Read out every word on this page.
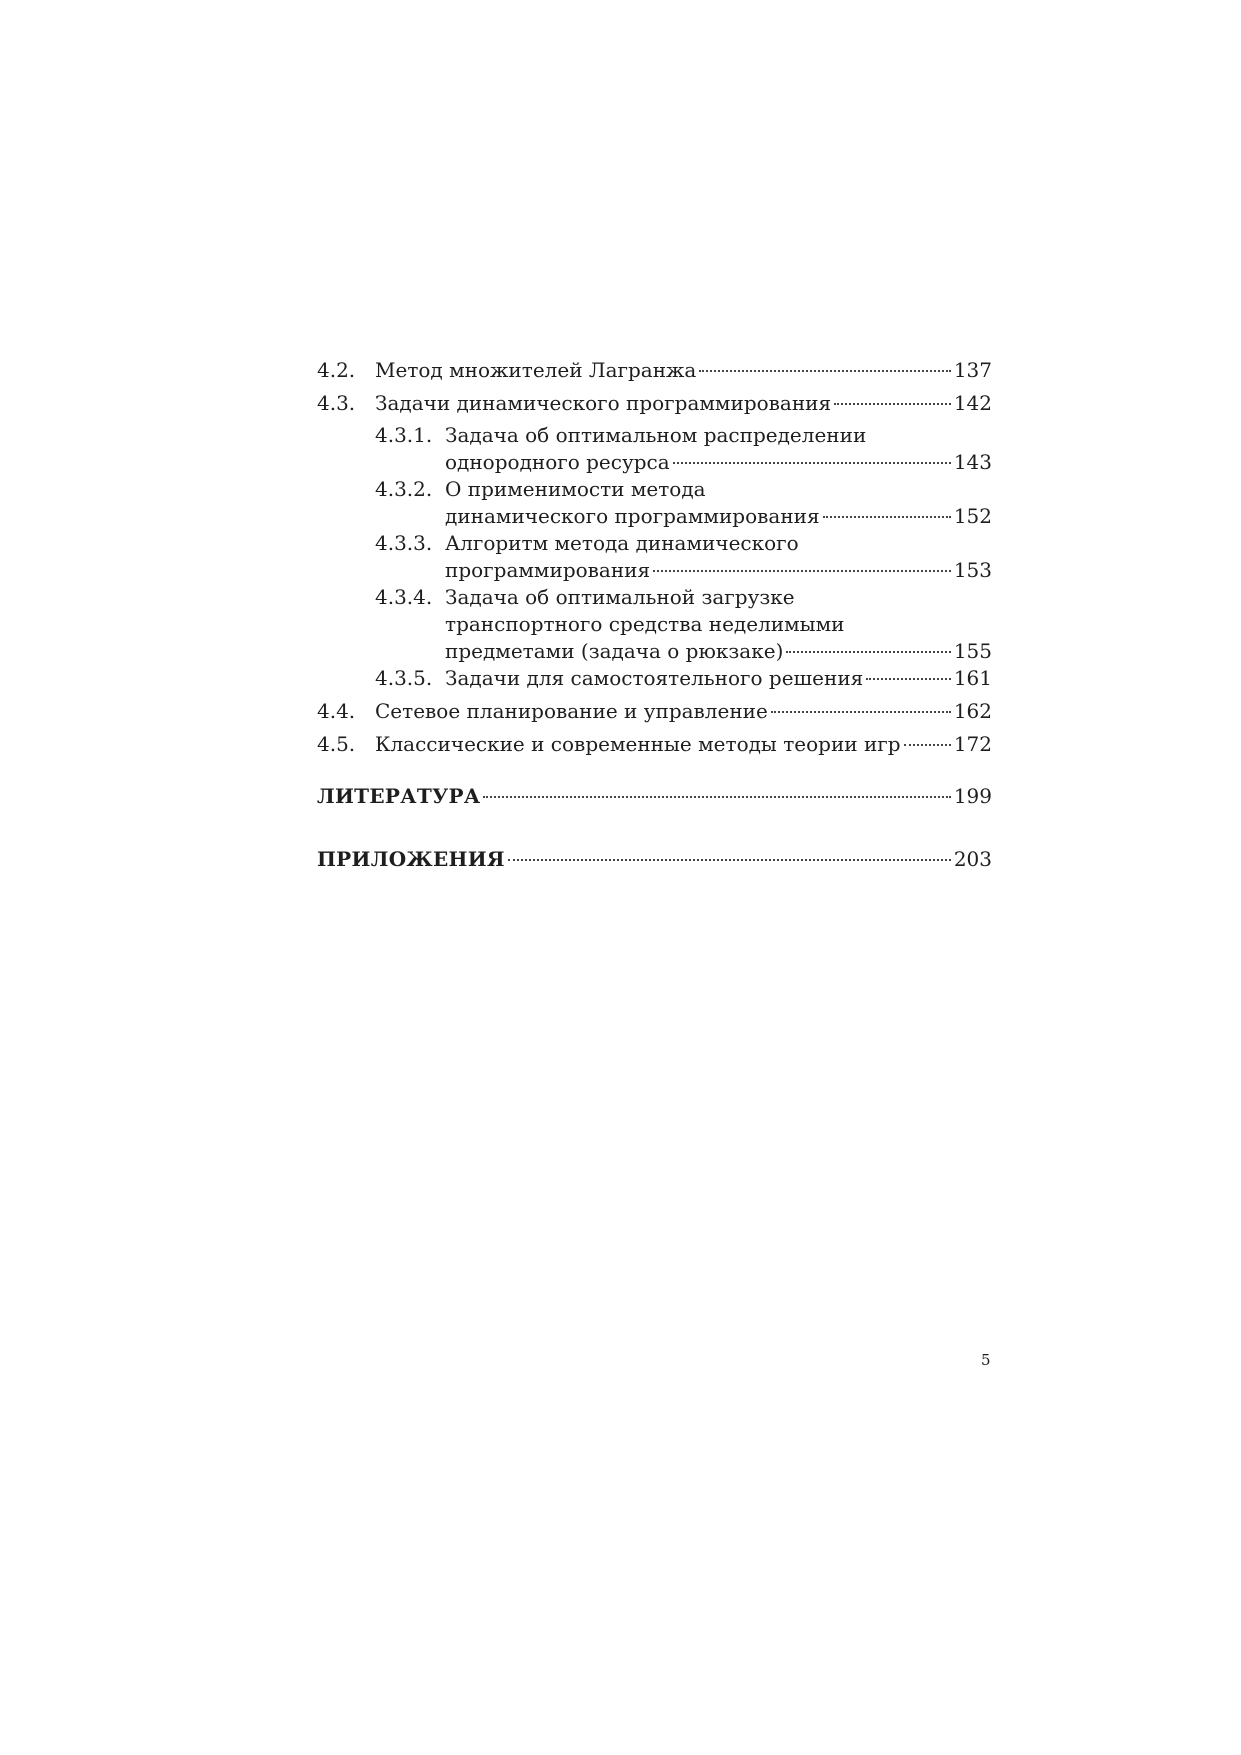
4.2. Метод множителей Лагранжа	137
4.3. Задачи динамического программирования	142
4.3.1. Задача об оптимальном распределении
однородного ресурса	143
4.3.2. О применимости метода
динамического программирования	152
4.3.3. Алгоритм метода динамического
программирования	153
4.3.4. Задача об оптимальной загрузке
транспортного средства неделимыми
предметами (задача о рюкзаке)	155
4.3.5. Задачи для самостоятельного решения	161
4.4. Сетевое планирование и управление	162
4.5. Классические и современные методы теории игр	172
ЛИТЕРАТУРА	199
ПРИЛОЖЕНИЯ	203
5
